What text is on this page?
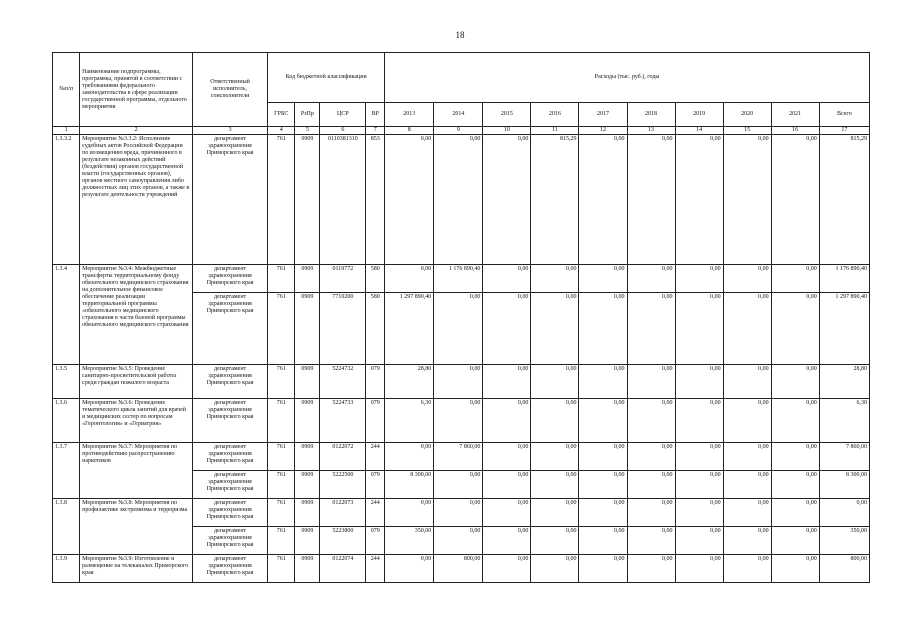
18
№п/п	Наименование подпрограммы, программы, принятой в соответствии с требованиями федерального законодательства в сфере реализации государственной программы, отдельного мероприятия	Ответственный исполнитель, соисполнители	Код бюджетной классификации				Расходы (тыс. руб.), годы									
			ГРБС	РзПр	ЦСР	ВР	2013	2014	2015	2016	2017	2018	2019	2020	2021	Всего
1	2	3	4	5	6	7	8	9	10	11	12	13	14	15	16	17
1.3.3.2	Мероприятие №3.3.2: Исполнение судебных актов Российской Федерации по возмещению вреда, причиненного в результате незаконных действий (бездействия) органов государственной власти (государственных органов), органов местного самоуправления либо должностных лиц этих органов, а также в результате деятельности учреждений	департамент здравоохранения Приморского края	761	0909	0110381310	853	0,00	0,00	0,00	815,29	0,00	0,00	0,00	0,00	0,00	815,29
1.3.4	Мероприятие №3.4: Межбюджетные трансферты территориальному фонду обязательного медицинского страхования на дополнительное финансовое обеспечение реализации территориальной программы «обязательного медицинского страхования в части базовой программы обязательного медицинского страхования	департамент здравоохранения Приморского края	761	0909	0119772	580	0,00	1 176 890,40	0,00	0,00	0,00	0,00	0,00	0,00	0,00	1 176 890,40
		департамент здравоохранения Приморского края	761	0909	7710200	580	1 297 890,40	0,00	0,00	0,00	0,00	0,00	0,00	0,00	0,00	1 297 890,40
1.3.5	Мероприятие №3.5: Проведение санитарно-просветительской работы среди граждан пожилого возраста	департамент здравоохранения Приморского края	761	0909	5224732	079	28,80	0,00	0,00	0,00	0,00	0,00	0,00	0,00	0,00	28,80
1.3.6	Мероприятие №3.6: Проведение тематического цикла занятий для врачей и медицинских сестер по вопросам «Геронтология» и «Гериатрия»	департамент здравоохранения Приморского края	761	0909	5224733	079	6,30	0,00	0,00	0,00	0,00	0,00	0,00	0,00	0,00	6,30
1.3.7	Мероприятие №3.7: Мероприятия по противодействию распространению наркотиков	департамент здравоохранения Приморского края	761	0909	0122072	244	0,00	7 860,00	0,00	0,00	0,00	0,00	0,00	0,00	0,00	7 860,00
		департамент здравоохранения Приморского края	761	0909	5222500	079	8 300,00	0,00	0,00	0,00	0,00	0,00	0,00	0,00	0,00	8 300,00
1.3.8	Мероприятие №3.8: Мероприятия по профилактике экстремизма и терроризма	департамент здравоохранения Приморского края	761	0909	0122073	244	0,00	0,00	0,00	0,00	0,00	0,00	0,00	0,00	0,00	0,00
		департамент здравоохранения Приморского края	761	0909	5223800	079	350,00	0,00	0,00	0,00	0,00	0,00	0,00	0,00	0,00	350,00
1.3.9	Мероприятие №3.9: Изготовление и размещение на телеканалах Приморского края	департамент здравоохранения Приморского края	761	0909	0122074	244	0,00	800,00	0,00	0,00	0,00	0,00	0,00	0,00	0,00	800,00
